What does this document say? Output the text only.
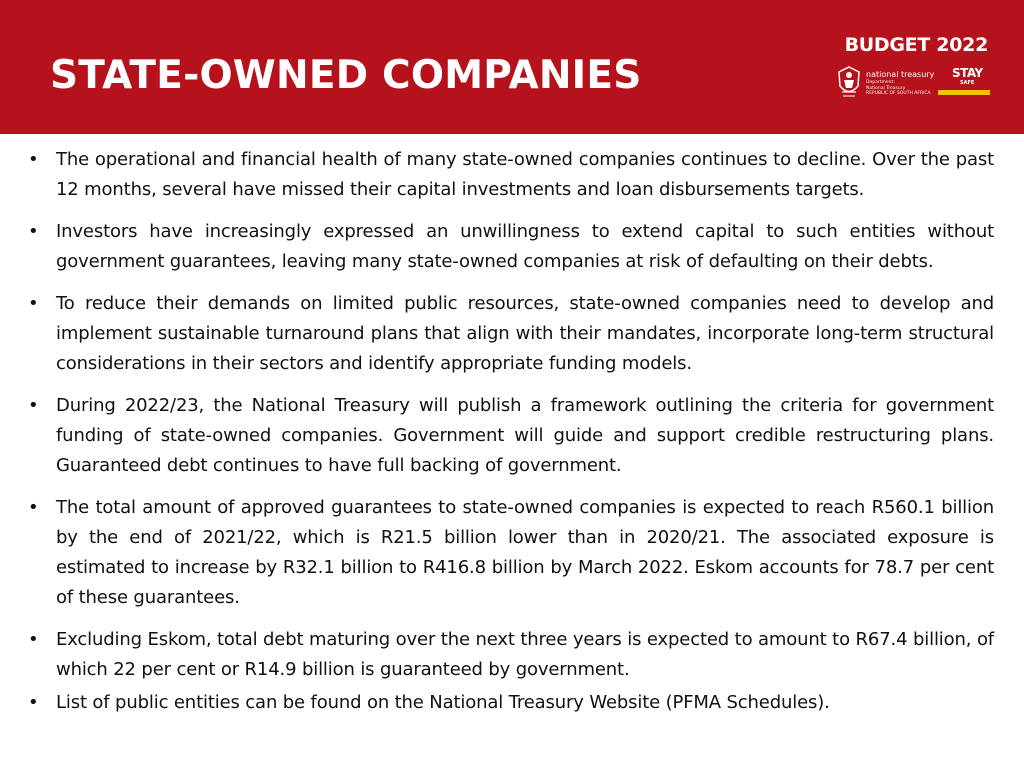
STATE-OWNED COMPANIES
BUDGET 2022
national treasury
Department:
National Treasury
REPUBLIC OF SOUTH AFRICA
STAY
SAFE
• The operational and financial health of many state-owned companies continues to decline. Over the past 12 months, several have missed their capital investments and loan disbursements targets.
• Investors have increasingly expressed an unwillingness to extend capital to such entities without government guarantees, leaving many state-owned companies at risk of defaulting on their debts.
• To reduce their demands on limited public resources, state-owned companies need to develop and implement sustainable turnaround plans that align with their mandates, incorporate long-term structural considerations in their sectors and identify appropriate funding models.
• During 2022/23, the National Treasury will publish a framework outlining the criteria for government funding of state-owned companies. Government will guide and support credible restructuring plans. Guaranteed debt continues to have full backing of government.
• The total amount of approved guarantees to state-owned companies is expected to reach R560.1 billion by the end of 2021/22, which is R21.5 billion lower than in 2020/21. The associated exposure is estimated to increase by R32.1 billion to R416.8 billion by March 2022. Eskom accounts for 78.7 per cent of these guarantees.
• Excluding Eskom, total debt maturing over the next three years is expected to amount to R67.4 billion, of which 22 per cent or R14.9 billion is guaranteed by government.
• List of public entities can be found on the National Treasury Website (PFMA Schedules).
